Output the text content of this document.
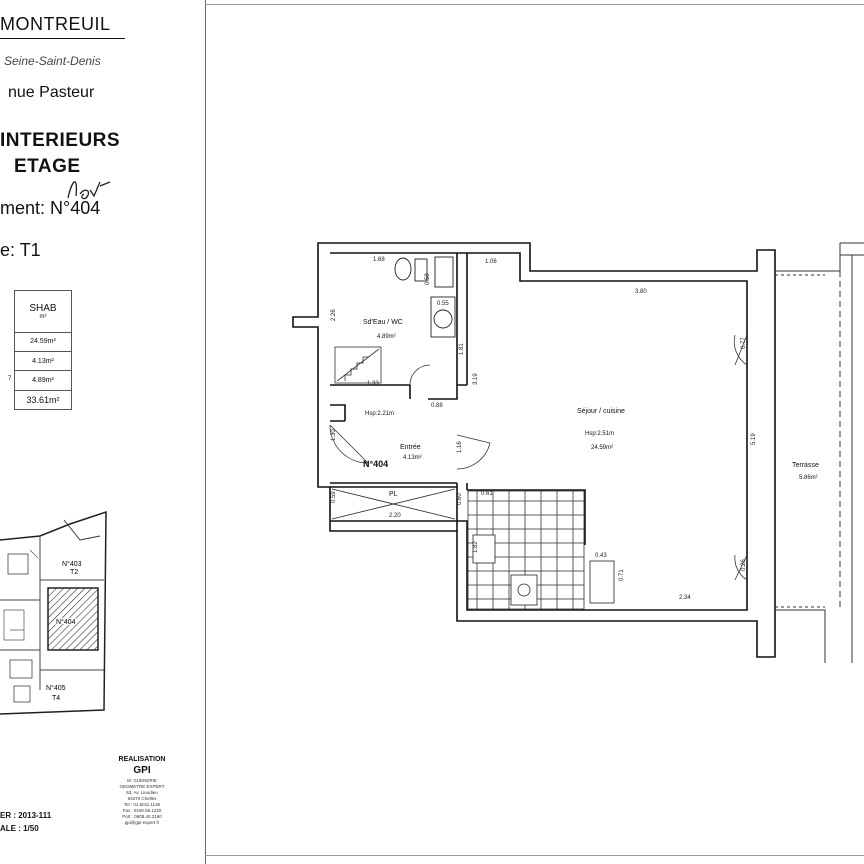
MONTREUIL
Seine-Saint-Denis
nue Pasteur
INTERIEURS
ETAGE
lot
ment: N°404
e: T1
7
SHAB
m²

24.59m²
4.13m²
4.89m²
33.61m²
N°403
T2
N°404
N°405
T4
REALISATION
GPI
M. GUENERIE
GEOMETRE EXPERT
53, Av. Lieudieu
93370 Chelles
Tel : 01.6011.1136
Fax : 0160.55.1220
Port : 0608.40.3190
gpi@gpi-expert.fr
ER : 2013-111
ALE : 1/50
Sd'Eau / WC
4.89m²
Séjour / cuisine
Hsp:2.51m
24.59m²
Entrée
4.13m²
Terrasse
5.86m²
N°404
Hsp:2.21m
PL
1.68	1.06
3.80
2.26
0.55
0.58
1.81
3.19
1.33
0.88
1.16
1.30
0.59	0.60
2.20
0.61
1.82
0.43
0.71
2.34
5.19
0.77
0.26
